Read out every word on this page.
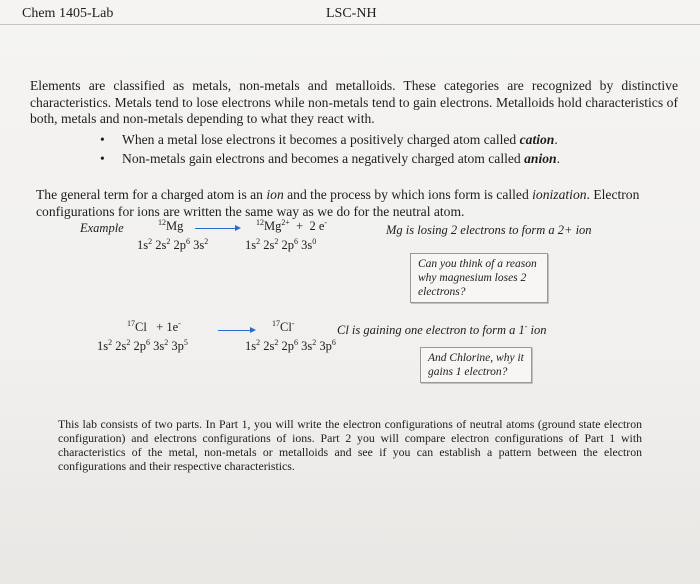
Chem 1405-Lab	LSC-NH
Elements are classified as metals, non-metals and metalloids. These categories are recognized by distinctive characteristics. Metals tend to lose electrons while non-metals tend to gain electrons. Metalloids hold characteristics of both, metals and non-metals depending to what they react with.
• When a metal lose electrons it becomes a positively charged atom called cation.
• Non-metals gain electrons and becomes a negatively charged atom called anion.
The general term for a charged atom is an ion and the process by which ions form is called ionization. Electron configurations for ions are written the same way as we do for the neutral atom.
Example	$^{12}$Mg	$^{12}Mg^{2+} + 2$ e-
Mg is losing 2 electrons to form a 2+ ion
$1s^2$ $2s^2$ $2p^6$ $3s^2$	$1s^2$ $2s^2$ $2p^6$ $3s^0$
Can you think of a reason why magnesium loses 2 electrons?
$^{17}$Cl + 1e-	$^{17}$Cl-	Cl is gaining one electron to form a 1- ion
$1s^2$ $2s^2$ $2p^6$ $3s^2$ $3p^5$	$1s^2$ $2s^2$ $2p^6$ $3s^2$ $3p^6$
And Chlorine, why it gains 1 electron?
This lab consists of two parts. In Part 1, you will write the electron configurations of neutral atoms (ground state electron configuration) and electrons configurations of ions. Part 2 you will compare electron configurations of Part 1 with characteristics of the metal, non-metals or metalloids and see if you can establish a pattern between the electron configurations and their respective characteristics.
